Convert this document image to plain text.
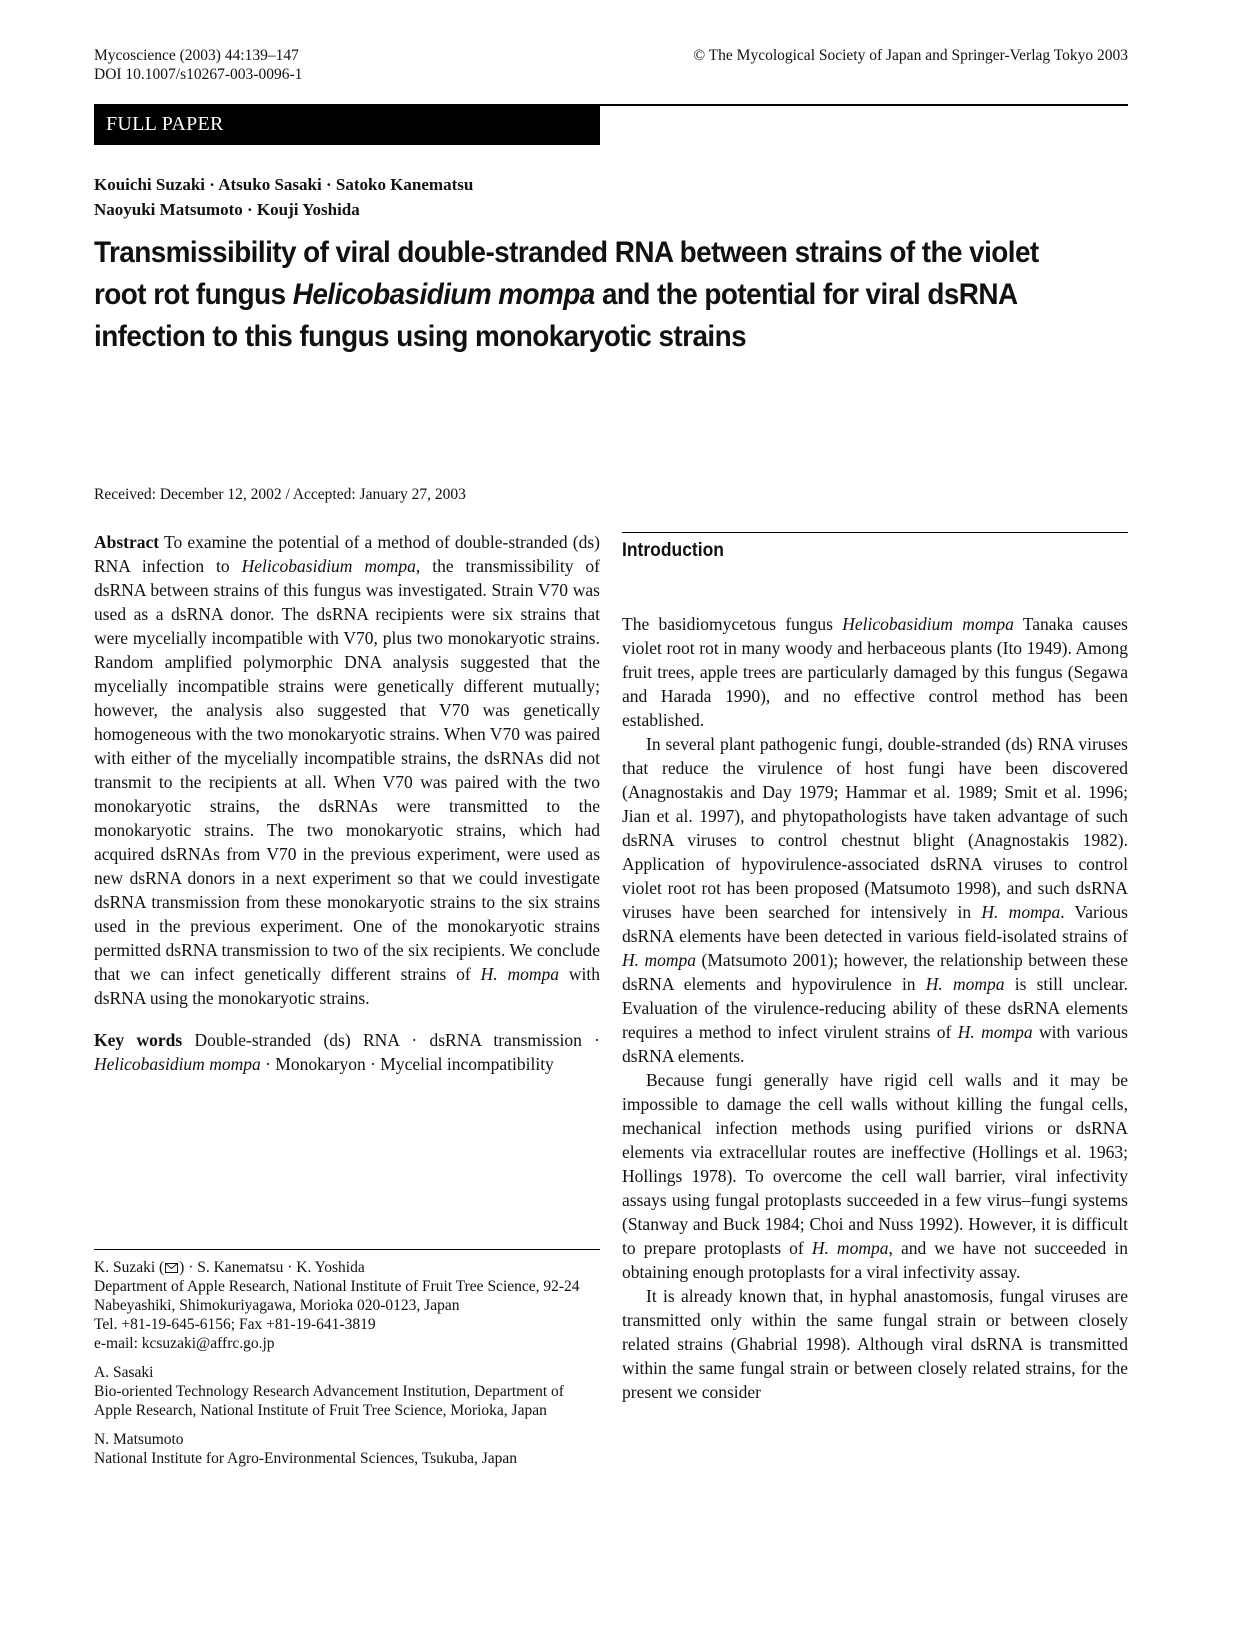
Mycoscience (2003) 44:139–147
DOI 10.1007/s10267-003-0096-1
© The Mycological Society of Japan and Springer-Verlag Tokyo 2003
FULL PAPER
Kouichi Suzaki · Atsuko Sasaki · Satoko Kanematsu
Naoyuki Matsumoto · Kouji Yoshida
Transmissibility of viral double-stranded RNA between strains of the violet root rot fungus Helicobasidium mompa and the potential for viral dsRNA infection to this fungus using monokaryotic strains
Received: December 12, 2002 / Accepted: January 27, 2003

Abstract To examine the potential of a method of double-stranded (ds) RNA infection to Helicobasidium mompa, the transmissibility of dsRNA between strains of this fungus was investigated. Strain V70 was used as a dsRNA donor. The dsRNA recipients were six strains that were mycelially incompatible with V70, plus two monokaryotic strains. Random amplified polymorphic DNA analysis suggested that the mycelially incompatible strains were genetically different mutually; however, the analysis also suggested that V70 was genetically homogeneous with the two monokaryotic strains. When V70 was paired with either of the mycelially incompatible strains, the dsRNAs did not transmit to the recipients at all. When V70 was paired with the two monokaryotic strains, the dsRNAs were transmitted to the monokaryotic strains. The two monokaryotic strains, which had acquired dsRNAs from V70 in the previous experiment, were used as new dsRNA donors in a next experiment so that we could investigate dsRNA transmission from these monokaryotic strains to the six strains used in the previous experiment. One of the monokaryotic strains permitted dsRNA transmission to two of the six recipients. We conclude that we can infect genetically different strains of H. mompa with dsRNA using the monokaryotic strains.

Key words Double-stranded (ds) RNA · dsRNA transmission · Helicobasidium mompa · Monokaryon · Mycelial incompatibility

K. Suzaki ( ) · S. Kanematsu · K. Yoshida
Department of Apple Research, National Institute of Fruit Tree Science, 92-24 Nabeyashiki, Shimokuriyagawa, Morioka 020-0123, Japan
Tel. +81-19-645-6156; Fax +81-19-641-3819
e-mail: kcsuzaki@affrc.go.jp
A. Sasaki
Bio-oriented Technology Research Advancement Institution, Department of Apple Research, National Institute of Fruit Tree Science, Morioka, Japan
N. Matsumoto
National Institute for Agro-Environmental Sciences, Tsukuba, Japan
Introduction

The basidiomycetous fungus Helicobasidium mompa Tanaka causes violet root rot in many woody and herbaceous plants (Ito 1949). Among fruit trees, apple trees are particularly damaged by this fungus (Segawa and Harada 1990), and no effective control method has been established.

In several plant pathogenic fungi, double-stranded (ds) RNA viruses that reduce the virulence of host fungi have been discovered (Anagnostakis and Day 1979; Hammar et al. 1989; Smit et al. 1996; Jian et al. 1997), and phytopathologists have taken advantage of such dsRNA viruses to control chestnut blight (Anagnostakis 1982). Application of hypovirulence-associated dsRNA viruses to control violet root rot has been proposed (Matsumoto 1998), and such dsRNA viruses have been searched for intensively in H. mompa. Various dsRNA elements have been detected in various field-isolated strains of H. mompa (Matsumoto 2001); however, the relationship between these dsRNA elements and hypovirulence in H. mompa is still unclear. Evaluation of the virulence-reducing ability of these dsRNA elements requires a method to infect virulent strains of H. mompa with various dsRNA elements.

Because fungi generally have rigid cell walls and it may be impossible to damage the cell walls without killing the fungal cells, mechanical infection methods using purified virions or dsRNA elements via extracellular routes are ineffective (Hollings et al. 1963; Hollings 1978). To overcome the cell wall barrier, viral infectivity assays using fungal protoplasts succeeded in a few virus–fungi systems (Stanway and Buck 1984; Choi and Nuss 1992). However, it is difficult to prepare protoplasts of H. mompa, and we have not succeeded in obtaining enough protoplasts for a viral infectivity assay.

It is already known that, in hyphal anastomosis, fungal viruses are transmitted only within the same fungal strain or between closely related strains (Ghabrial 1998). Although viral dsRNA is transmitted within the same fungal strain or between closely related strains, for the present we consider
